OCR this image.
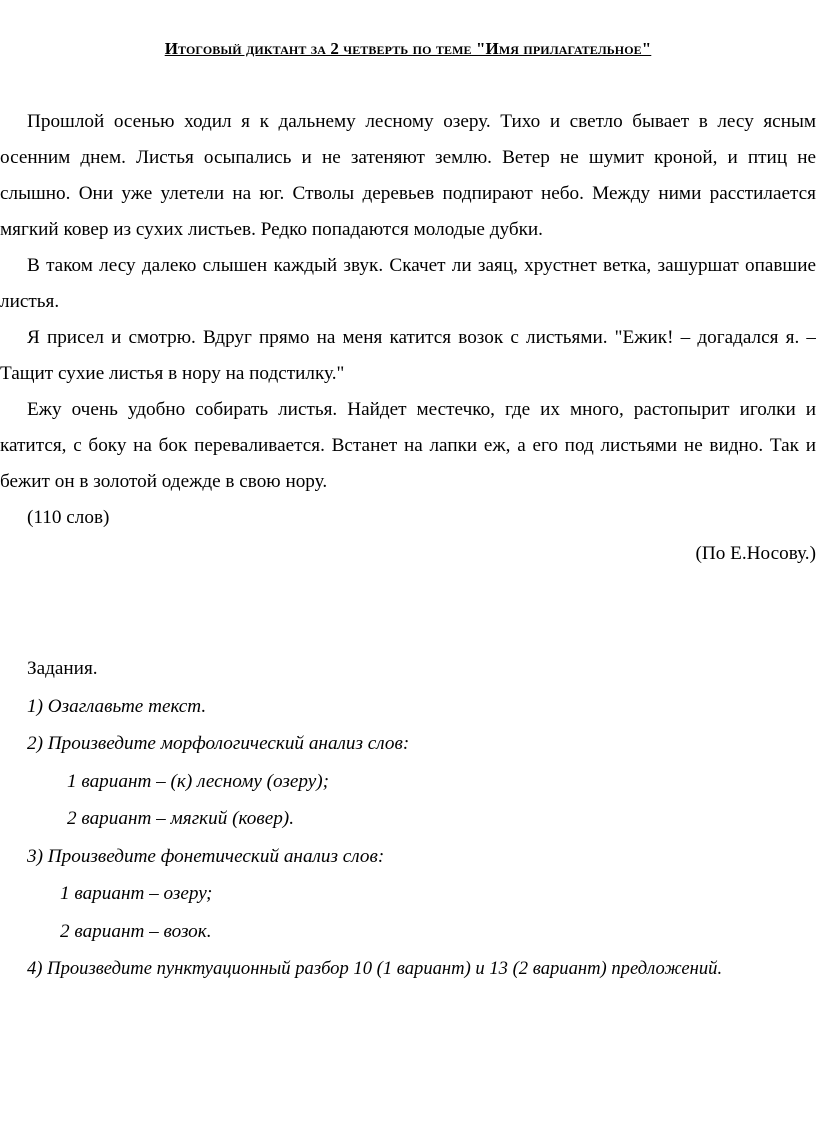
Итоговый диктант за 2 четверть по теме "Имя прилагательное"

Прошлой осенью ходил я к дальнему лесному озеру. Тихо и светло бывает в лесу ясным осенним днем. Листья осыпались и не затеняют землю. Ветер не шумит кроной, и птиц не слышно. Они уже улетели на юг. Стволы деревьев подпирают небо. Между ними расстилается мягкий ковер из сухих листьев. Редко попадаются молодые дубки.

В таком лесу далеко слышен каждый звук. Скачет ли заяц, хрустнет ветка, зашуршат опавшие листья.

Я присел и смотрю. Вдруг прямо на меня катится возок с листьями. "Ежик! – догадался я. – Тащит сухие листья в нору на подстилку."

Ежу очень удобно собирать листья. Найдет местечко, где их много, растопырит иголки и катится, с боку на бок переваливается. Встанет на лапки еж, а его под листьями не видно. Так и бежит он в золотой одежде в свою нору.

(110 слов)

(По Е.Носову.)

Задания.

1) Озаглавьте текст.

2) Произведите морфологический анализ слов:

1 вариант – (к) лесному (озеру);

2 вариант – мягкий (ковер).

3) Произведите фонетический анализ слов:

1 вариант – озеру;

2 вариант – возок.

4) Произведите пунктуационный разбор 10 (1 вариант) и 13 (2 вариант) предложений.
